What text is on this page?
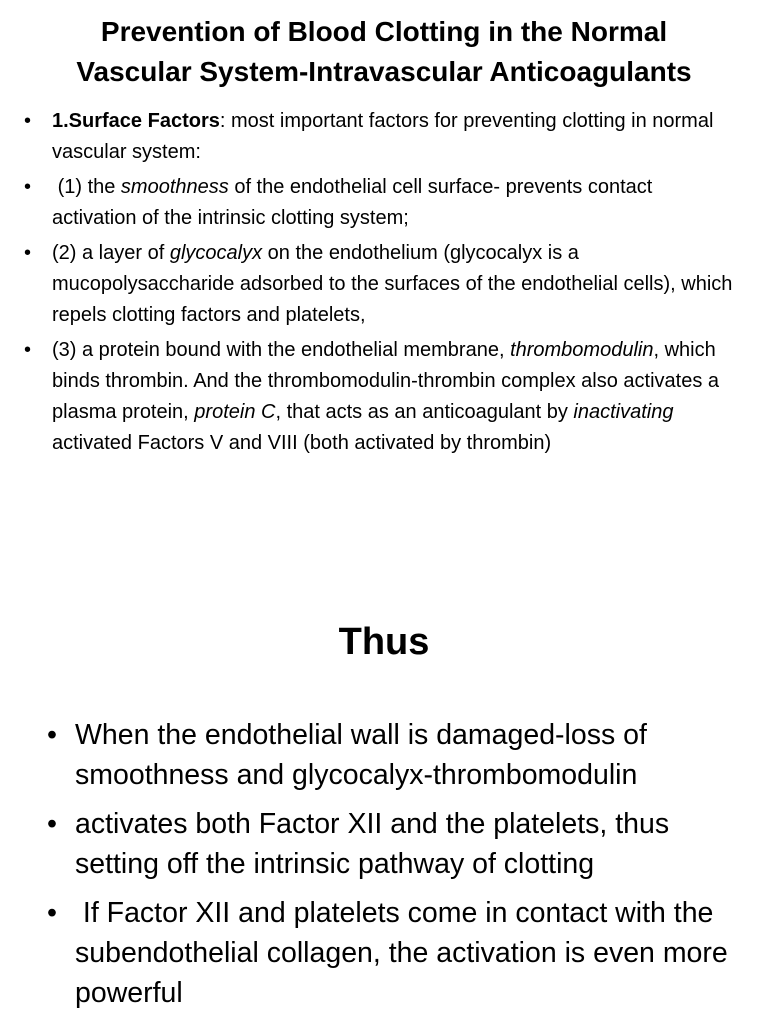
Prevention of Blood Clotting in the Normal
Vascular System-Intravascular Anticoagulants
• 1.Surface Factors: most important factors for preventing clotting in normal vascular system:
• (1) the smoothness of the endothelial cell surface- prevents contact activation of the intrinsic clotting system;
• (2) a layer of glycocalyx on the endothelium (glycocalyx is a mucopolysaccharide adsorbed to the surfaces of the endothelial cells), which repels clotting factors and platelets,
• (3) a protein bound with the endothelial membrane, thrombomodulin, which binds thrombin. And the thrombomodulin-thrombin complex also activates a plasma protein, protein C, that acts as an anticoagulant by inactivating activated Factors V and VIII (both activated by thrombin)
Thus
• When the endothelial wall is damaged-loss of smoothness and glycocalyx-thrombomodulin
• activates both Factor XII and the platelets, thus setting off the intrinsic pathway of clotting
• If Factor XII and platelets come in contact with the subendothelial collagen, the activation is even more powerful
